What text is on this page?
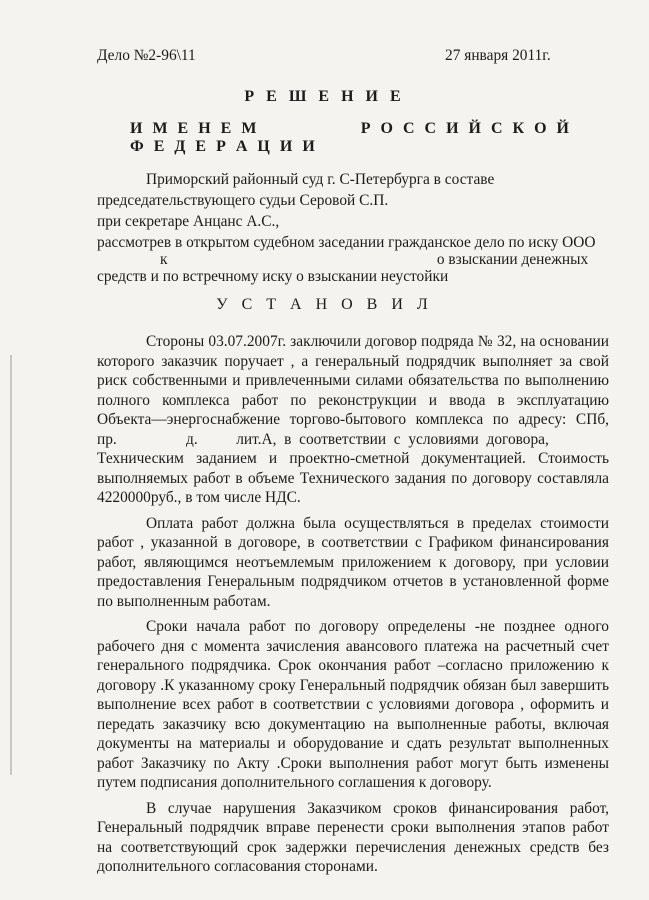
Дело №2-96\11	27 января 2011г.
Р Е Ш Е Н И Е
И М Е Н Е М	Р О С С И Й С К О Й Ф Е Д Е Р А Ц И И
Приморский районный суд г. С-Петербурга в составе
председательствующего судьи Серовой С.П.
при секретаре Анцанс А.С.,
рассмотрев в открытом судебном заседании гражданское дело по иску ООО
к                                                                      о взыскании денежных
средств и по встречному иску о взыскании неустойки
У С Т А Н О В И Л
Стороны 03.07.2007г. заключили договор подряда № 32, на основании
которого заказчик поручает , а генеральный подрядчик выполняет за свой
риск собственными и привлеченными силами обязательства по выполнению
полного комплекса работ по реконструкции и ввода в эксплуатацию
Объекта—энергоснабжение торгово-бытового комплекса по адресу: СПб,
пр.                  д.          лит.А,  в  соответствии  с  условиями  договора,
Техническим заданием и проектно-сметной документацией. Стоимость
выполняемых работ в объеме Технического задания по договору составляла
4220000руб., в том числе НДС.
Оплата работ должна была осуществляться в пределах стоимости
работ , указанной в договоре, в соответствии с Графиком финансирования
работ, являющимся неотъемлемым приложением к договору, при условии
предоставления Генеральным подрядчиком отчетов в установленной форме
по выполненным работам.
Сроки начала работ по договору определены -не позднее одного
рабочего дня с момента зачисления авансового платежа на расчетный счет
генерального подрядчика. Срок окончания работ –согласно приложению к
договору .К указанному сроку Генеральный подрядчик обязан был завершить
выполнение всех работ в соответствии с условиями договора , оформить и
передать заказчику всю документацию на выполненные работы, включая
документы на материалы и оборудование и сдать результат выполненных
работ Заказчику по Акту .Сроки выполнения работ могут быть изменены
путем подписания дополнительного соглашения к договору.
В случае нарушения Заказчиком сроков финансирования работ,
Генеральный подрядчик вправе перенести сроки выполнения этапов работ
на соответствующий срок задержки перечисления денежных средств без
дополнительного согласования сторонами.
